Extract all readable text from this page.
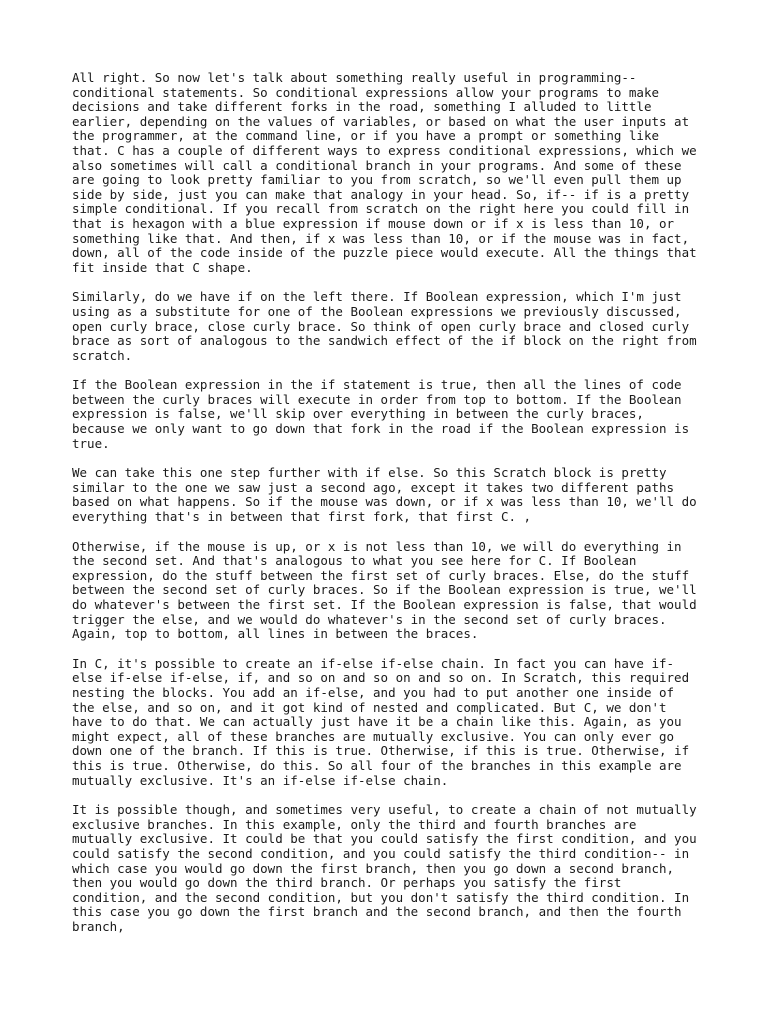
All right. So now let's talk about something really useful in programming--
conditional statements. So conditional expressions allow your programs to make
decisions and take different forks in the road, something I alluded to little
earlier, depending on the values of variables, or based on what the user inputs at
the programmer, at the command line, or if you have a prompt or something like
that. C has a couple of different ways to express conditional expressions, which we
also sometimes will call a conditional branch in your programs. And some of these
are going to look pretty familiar to you from scratch, so we'll even pull them up
side by side, just you can make that analogy in your head. So, if-- if is a pretty
simple conditional. If you recall from scratch on the right here you could fill in
that is hexagon with a blue expression if mouse down or if x is less than 10, or
something like that. And then, if x was less than 10, or if the mouse was in fact,
down, all of the code inside of the puzzle piece would execute. All the things that
fit inside that C shape.
Similarly, do we have if on the left there. If Boolean expression, which I'm just
using as a substitute for one of the Boolean expressions we previously discussed,
open curly brace, close curly brace. So think of open curly brace and closed curly
brace as sort of analogous to the sandwich effect of the if block on the right from
scratch.
If the Boolean expression in the if statement is true, then all the lines of code
between the curly braces will execute in order from top to bottom. If the Boolean
expression is false, we'll skip over everything in between the curly braces,
because we only want to go down that fork in the road if the Boolean expression is
true.
We can take this one step further with if else. So this Scratch block is pretty
similar to the one we saw just a second ago, except it takes two different paths
based on what happens. So if the mouse was down, or if x was less than 10, we'll do
everything that's in between that first fork, that first C. ,
Otherwise, if the mouse is up, or x is not less than 10, we will do everything in
the second set. And that's analogous to what you see here for C. If Boolean
expression, do the stuff between the first set of curly braces. Else, do the stuff
between the second set of curly braces. So if the Boolean expression is true, we'll
do whatever's between the first set. If the Boolean expression is false, that would
trigger the else, and we would do whatever's in the second set of curly braces.
Again, top to bottom, all lines in between the braces.
In C, it's possible to create an if-else if-else chain. In fact you can have if-
else if-else if-else, if, and so on and so on and so on. In Scratch, this required
nesting the blocks. You add an if-else, and you had to put another one inside of
the else, and so on, and it got kind of nested and complicated. But C, we don't
have to do that. We can actually just have it be a chain like this. Again, as you
might expect, all of these branches are mutually exclusive. You can only ever go
down one of the branch. If this is true. Otherwise, if this is true. Otherwise, if
this is true. Otherwise, do this. So all four of the branches in this example are
mutually exclusive. It's an if-else if-else chain.
It is possible though, and sometimes very useful, to create a chain of not mutually
exclusive branches. In this example, only the third and fourth branches are
mutually exclusive. It could be that you could satisfy the first condition, and you
could satisfy the second condition, and you could satisfy the third condition-- in
which case you would go down the first branch, then you go down a second branch,
then you would go down the third branch. Or perhaps you satisfy the first
condition, and the second condition, but you don't satisfy the third condition. In
this case you go down the first branch and the second branch, and then the fourth
branch,
